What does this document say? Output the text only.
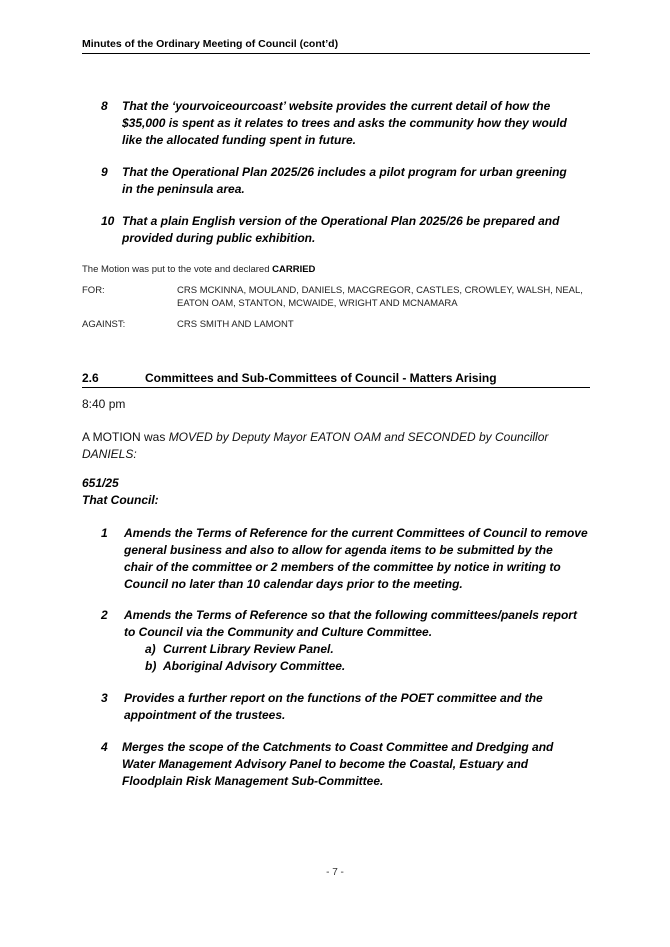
Minutes of the Ordinary Meeting of Council (cont’d)
8 That the ‘yourvoiceourcoast’ website provides the current detail of how the
$35,000 is spent as it relates to trees and asks the community how they would
like the allocated funding spent in future.
9 That the Operational Plan 2025/26 includes a pilot program for urban greening
in the peninsula area.
10 That a plain English version of the Operational Plan 2025/26 be prepared and
provided during public exhibition.
The Motion was put to the vote and declared CARRIED
FOR:	CRS MCKINNA, MOULAND, DANIELS, MACGREGOR, CASTLES, CROWLEY, WALSH, NEAL,
EATON OAM, STANTON, MCWAIDE, WRIGHT AND MCNAMARA
AGAINST:	CRS SMITH AND LAMONT
2.6	Committees and Sub-Committees of Council - Matters Arising
8:40 pm
A MOTION was MOVED by Deputy Mayor EATON OAM and SECONDED by Councillor
DANIELS:
651/25
That Council:
1 Amends the Terms of Reference for the current Committees of Council to remove
general business and also to allow for agenda items to be submitted by the
chair of the committee or 2 members of the committee by notice in writing to
Council no later than 10 calendar days prior to the meeting.
2 Amends the Terms of Reference so that the following committees/panels report
to Council via the Community and Culture Committee.
a) Current Library Review Panel.
b) Aboriginal Advisory Committee.
3 Provides a further report on the functions of the POET committee and the
appointment of the trustees.
4 Merges the scope of the Catchments to Coast Committee and Dredging and
Water Management Advisory Panel to become the Coastal, Estuary and
Floodplain Risk Management Sub-Committee.
- 7 -
